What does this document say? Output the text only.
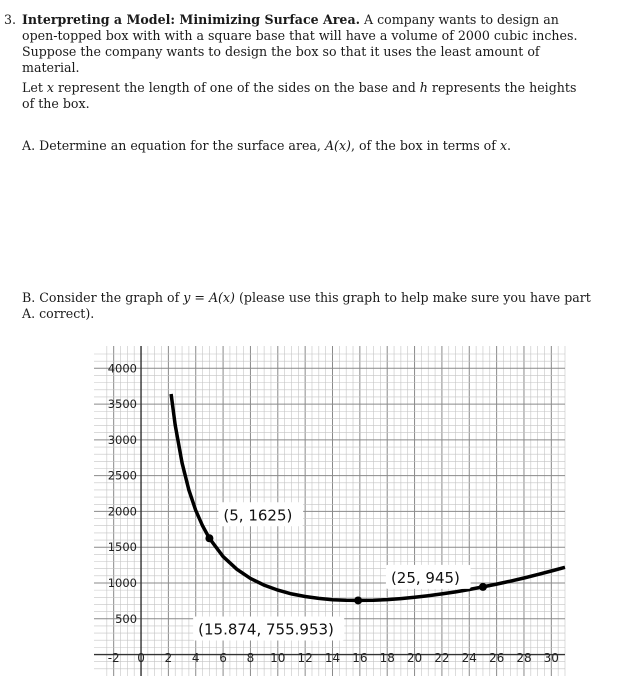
3. Interpreting a Model: Minimizing Surface Area. A company wants to design an open-topped box with with a square base that will have a volume of 2000 cubic inches. Suppose the company wants to design the box so that it uses the least amount of material.
Let x represent the length of one of the sides on the base and h represents the heights of the box.
A. Determine an equation for the surface area, A(x), of the box in terms of x.
B. Consider the graph of y = A(x) (please use this graph to help make sure you have part A. correct).
-2 0 2 4 6 8 10 12 14 16 18 20 22 24 26 28 30
500
1000
1500
2000
2500
3000
3500
4000
(5, 1625)
(15.874, 755.953)
(25, 945)
